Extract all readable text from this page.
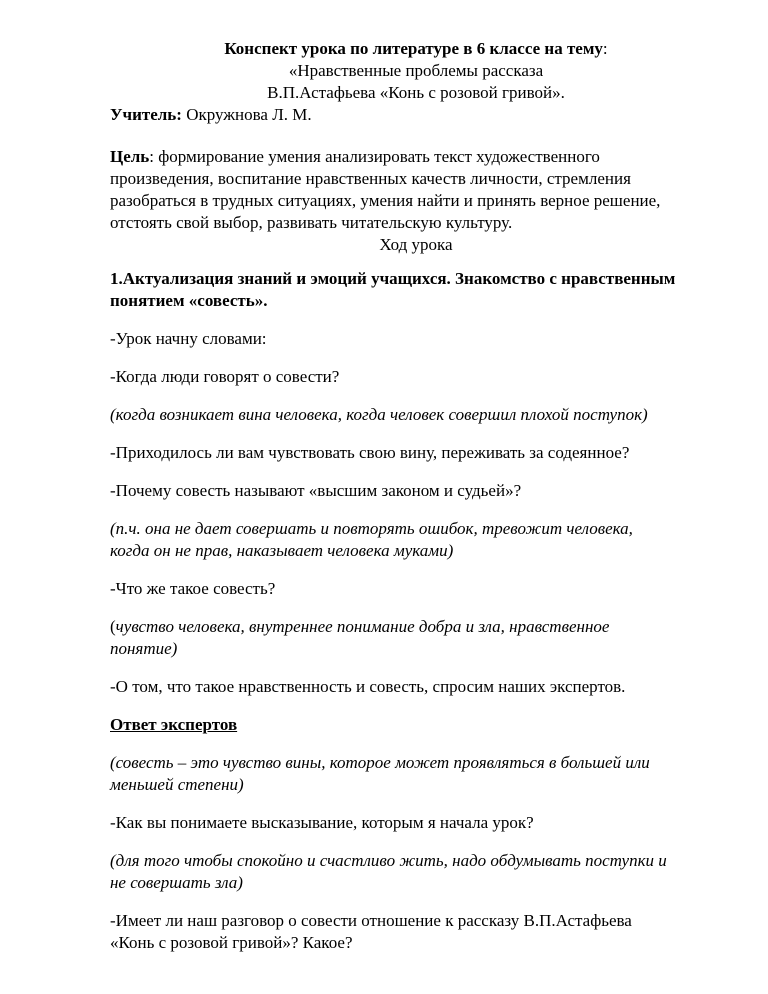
Конспект урока по литературе в 6 классе на тему:

«Нравственные проблемы рассказа

В.П.Астафьева «Конь с розовой гривой».

Учитель: Окружнова Л. М.

Цель: формирование умения анализировать текст художественного

произведения, воспитание нравственных качеств личности, стремления

разобраться в трудных ситуациях, умения найти и принять верное решение,

отстоять свой выбор, развивать читательскую культуру.

Ход урока

1.Актуализация знаний и эмоций учащихся. Знакомство с нравственным

понятием «совесть».

-Урок начну словами:

-Когда люди говорят о совести?

(когда возникает вина человека, когда человек совершил плохой поступок)

-Приходилось ли вам чувствовать свою вину, переживать за содеянное?

-Почему совесть называют «высшим законом и судьей»?

(п.ч. она не дает совершать и повторять ошибок, тревожит человека,

когда он не прав, наказывает человека муками)

-Что же такое совесть?

(чувство человека, внутреннее понимание добра и зла, нравственное

понятие)

-О том, что такое нравственность и совесть, спросим наших экспертов.

Ответ экспертов

(совесть – это чувство вины, которое может проявляться в большей или

меньшей степени)

-Как вы понимаете высказывание, которым я начала урок?

(для того чтобы спокойно и счастливо жить, надо обдумывать поступки и

не совершать зла)

-Имеет ли наш разговор о совести отношение к рассказу В.П.Астафьева

«Конь с розовой гривой»? Какое?
